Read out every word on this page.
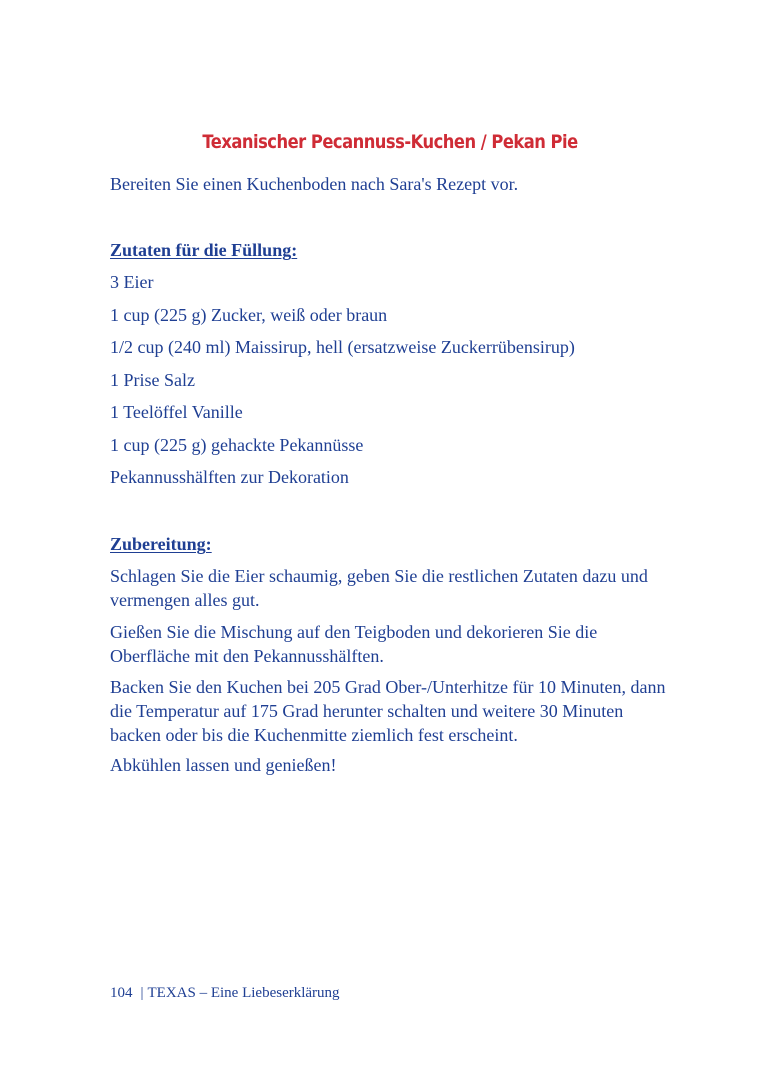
Texanischer Pecannuss-Kuchen / Pekan Pie
Bereiten Sie einen Kuchenboden nach Sara's Rezept vor.
Zutaten für die Füllung:
3 Eier
1 cup (225 g) Zucker, weiß oder braun
1/2 cup (240 ml) Maissirup, hell (ersatzweise Zuckerrübensirup)
1 Prise Salz
1 Teelöffel Vanille
1 cup (225 g) gehackte Pekannüsse
Pekannusshälften zur Dekoration
Zubereitung:
Schlagen Sie die Eier schaumig, geben Sie die restlichen Zutaten dazu und vermengen alles gut.
Gießen Sie die Mischung auf den Teigboden und dekorieren Sie die Oberfläche mit den Pekannusshälften.
Backen Sie den Kuchen bei 205 Grad Ober-/Unterhitze für 10 Minuten, dann die Temperatur auf 175 Grad herunter schalten und weitere 30 Minuten backen oder bis die Kuchenmitte ziemlich fest erscheint.
Abkühlen lassen und genießen!
104 | TEXAS – Eine Liebeserklärung
